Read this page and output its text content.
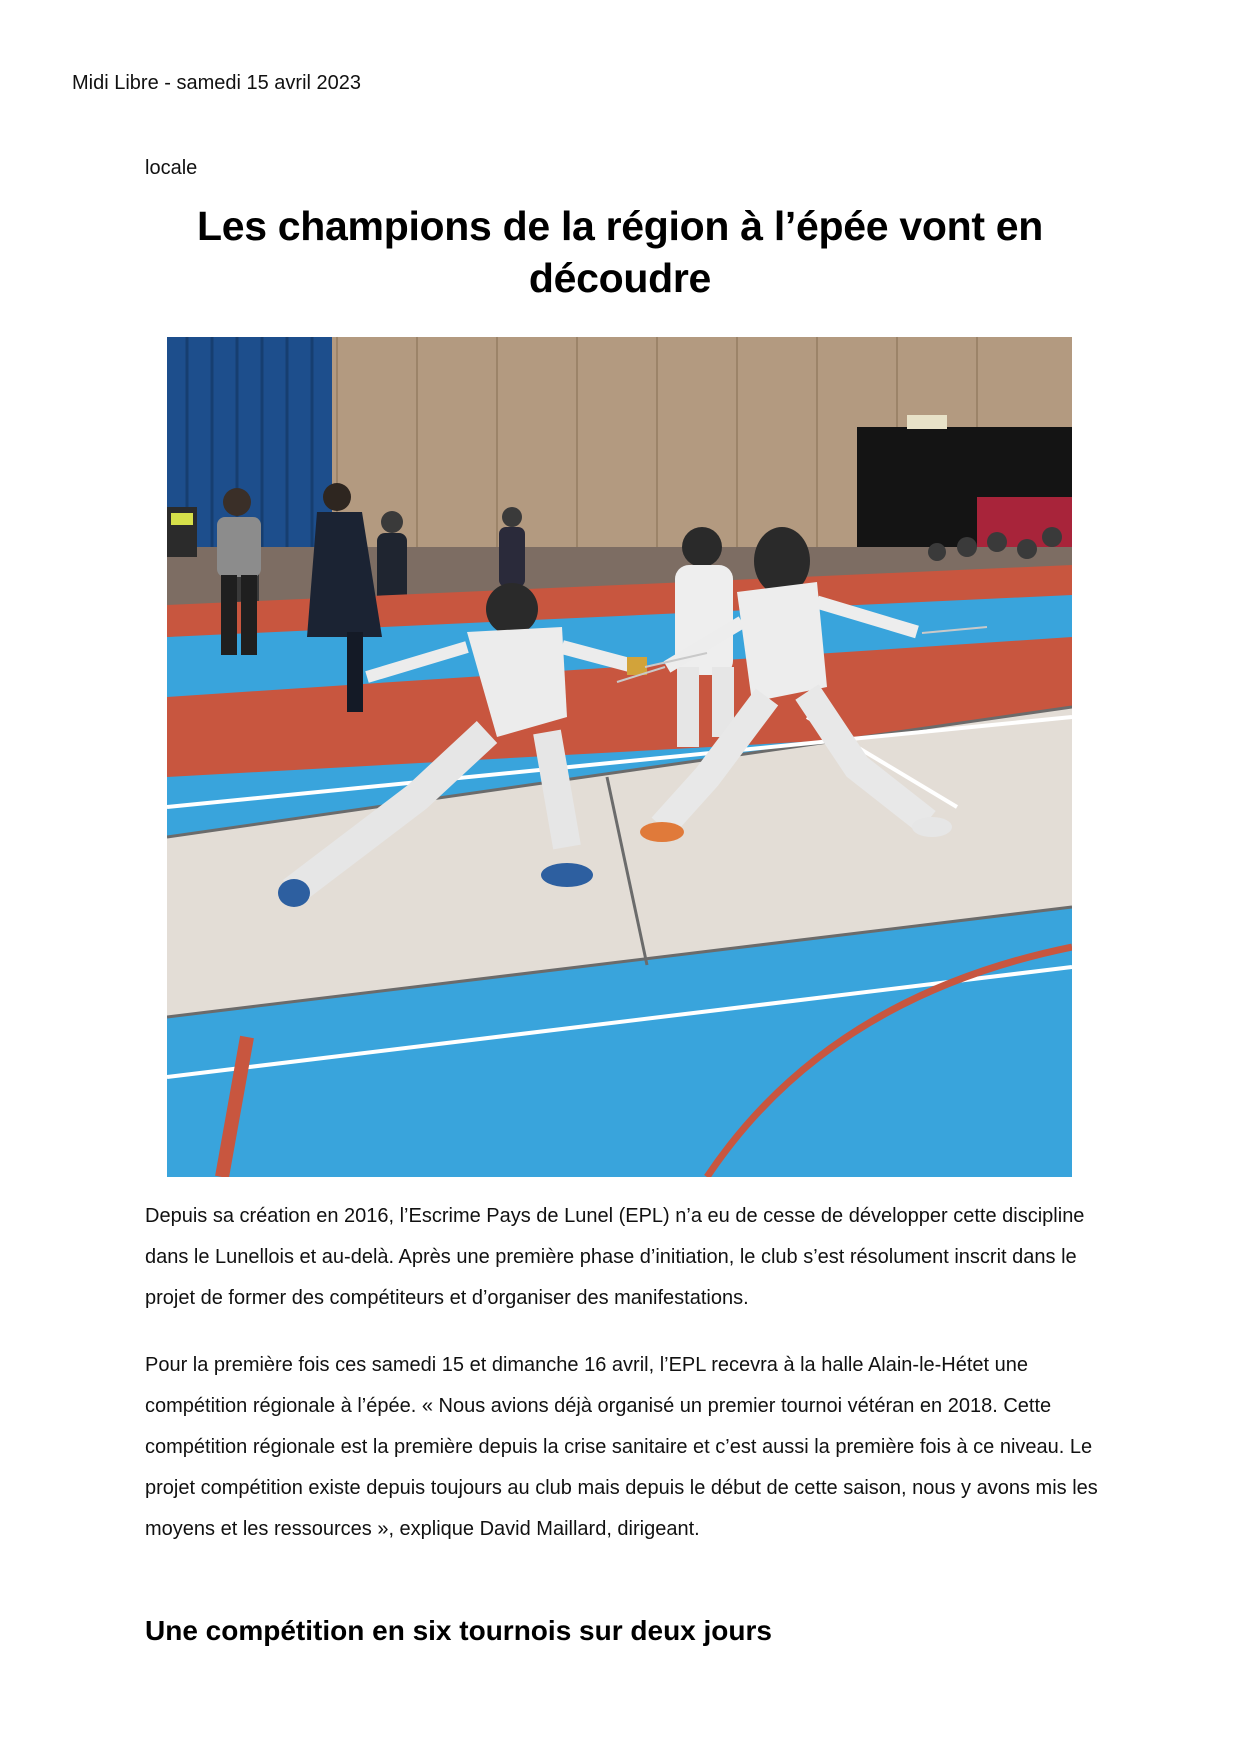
Midi Libre - samedi 15 avril 2023
locale
Les champions de la région à l’épée vont en découdre

Depuis sa création en 2016, l’Escrime Pays de Lunel (EPL) n’a eu de cesse de développer cette discipline dans le Lunellois et au-delà. Après une première phase d’initiation, le club s’est résolument inscrit dans le projet de former des compétiteurs et d’organiser des manifestations.

Pour la première fois ces samedi 15 et dimanche 16 avril, l’EPL recevra à la halle Alain-le-Hétet une compétition régionale à l’épée. « Nous avions déjà organisé un premier tournoi vétéran en 2018. Cette compétition régionale est la première depuis la crise sanitaire et c’est aussi la première fois à ce niveau. Le projet compétition existe depuis toujours au club mais depuis le début de cette saison, nous y avons mis les moyens et les ressources », explique David Maillard, dirigeant.

Une compétition en six tournois sur deux jours
